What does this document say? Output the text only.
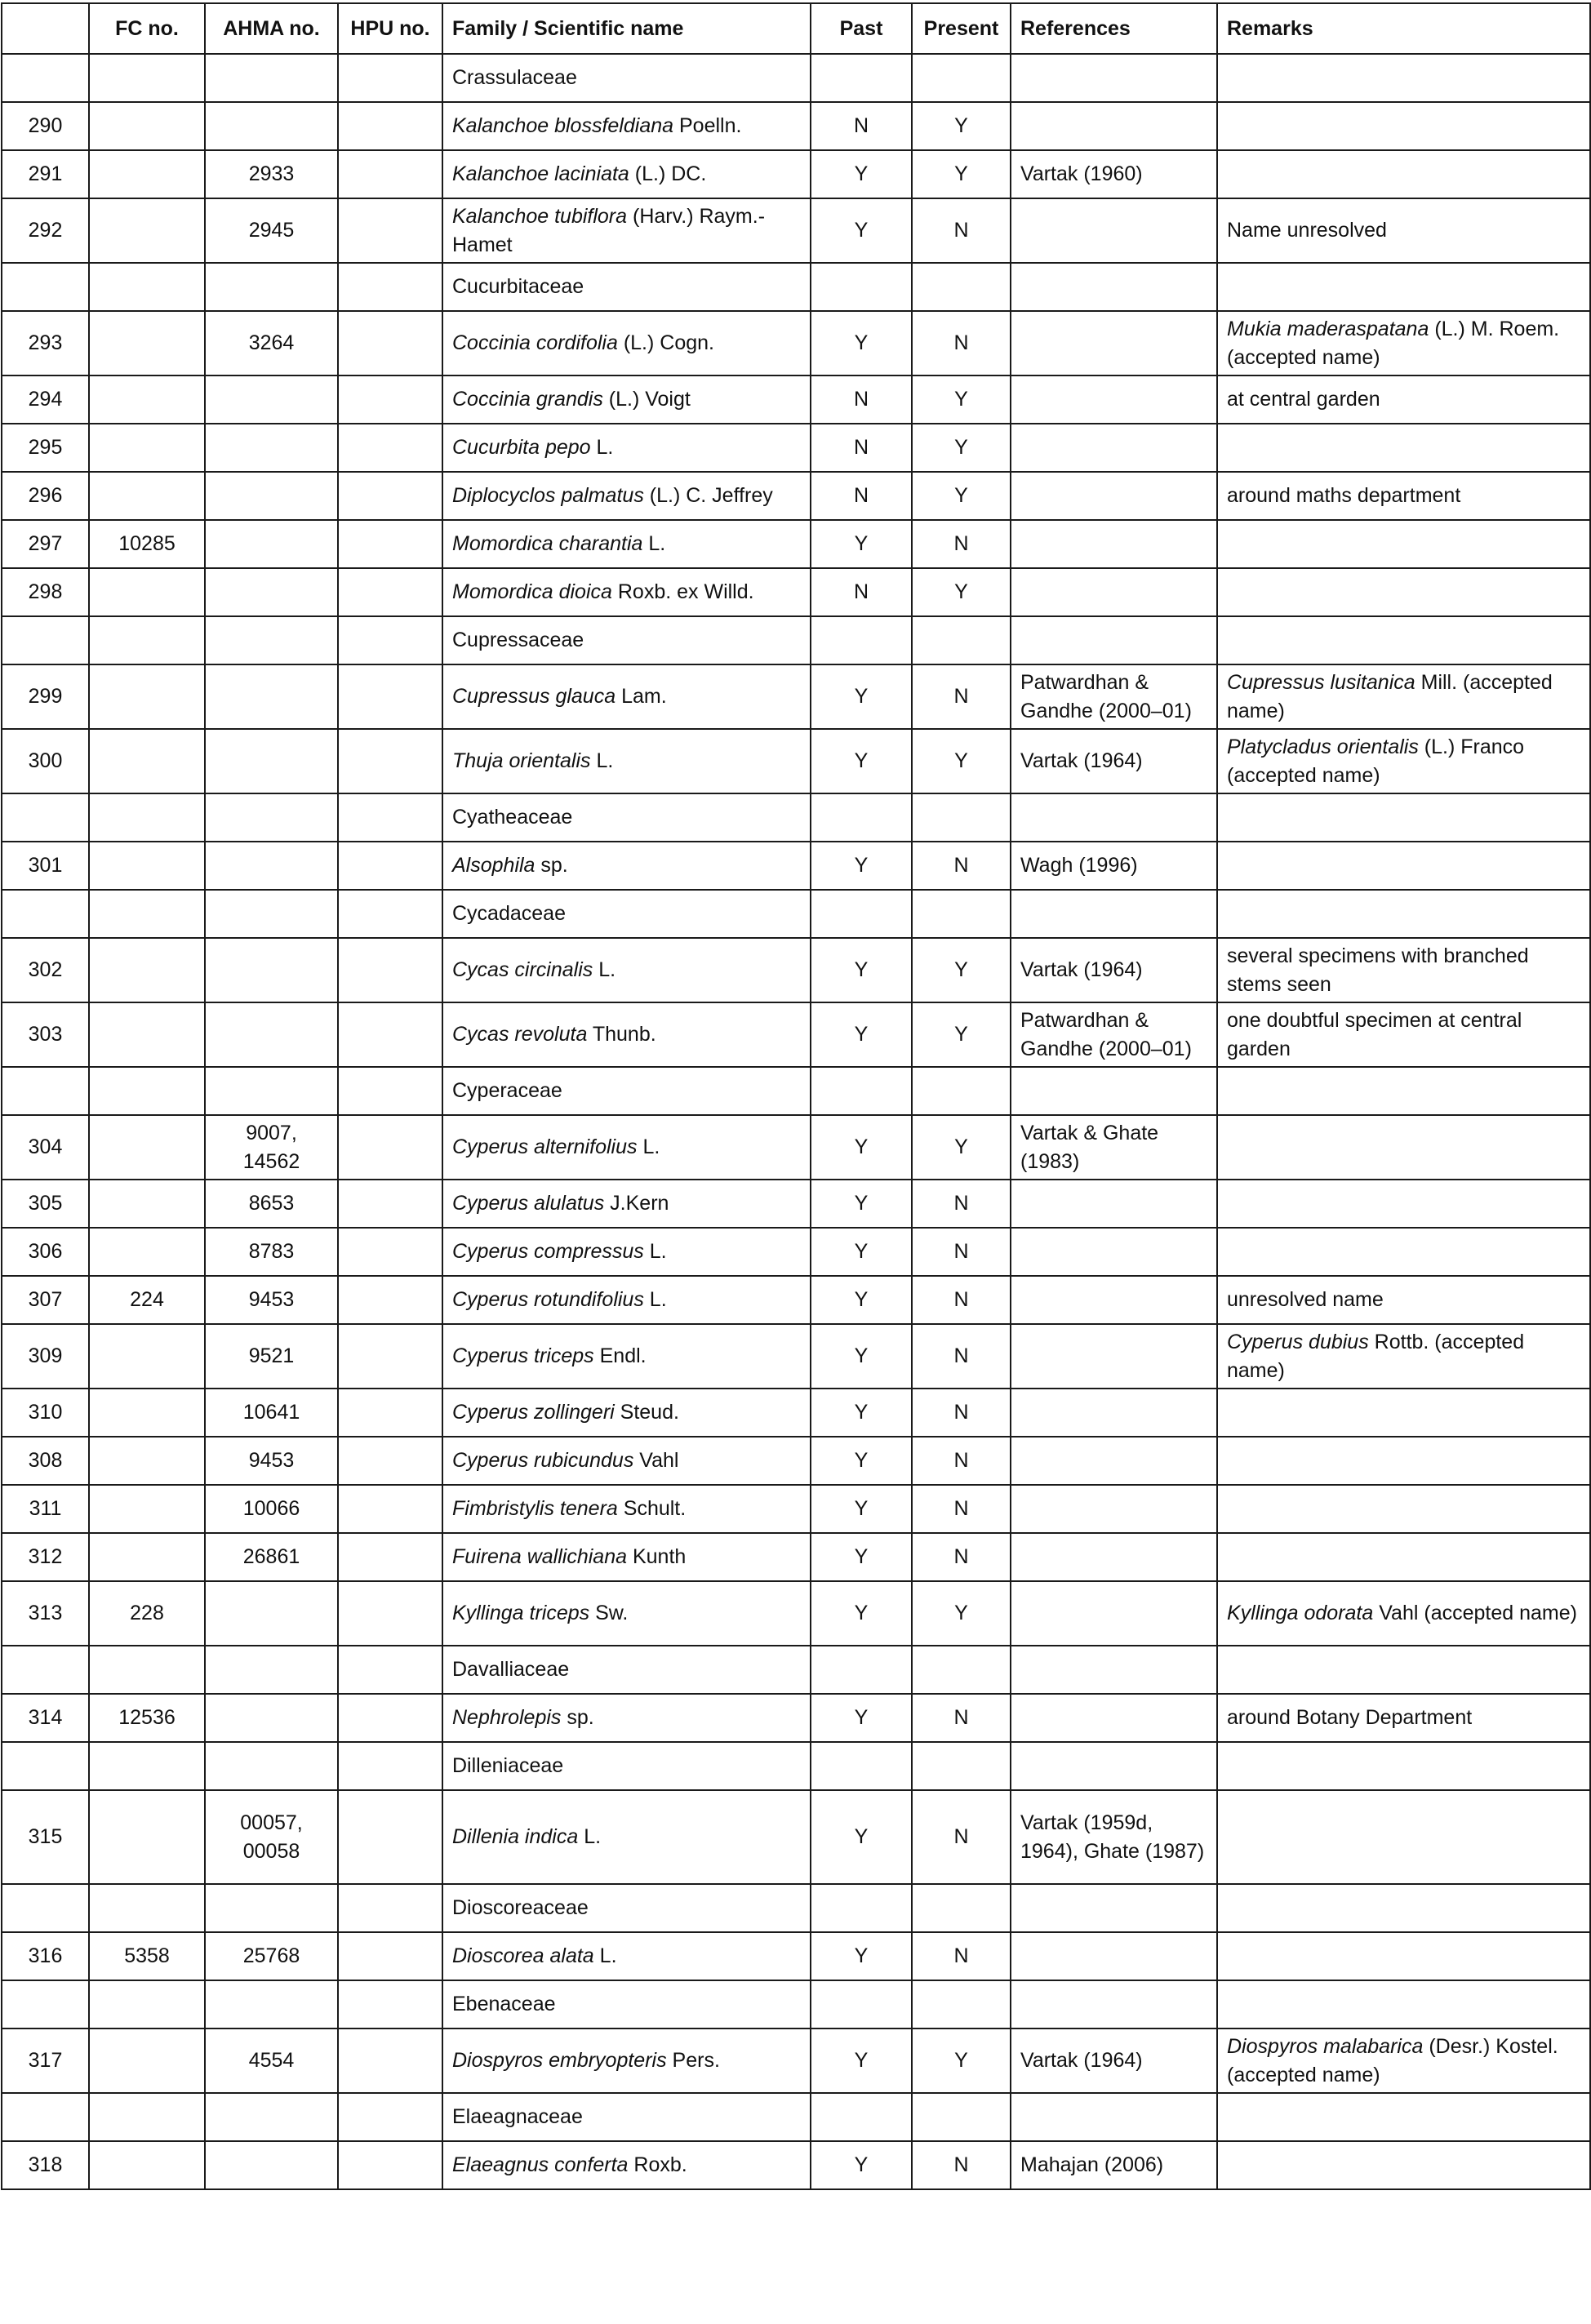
	FC no.	AHMA no.	HPU no.	Family / Scientific name	Past	Present	References	Remarks
				Crassulaceae				
290				Kalanchoe blossfeldiana Poelln.	N	Y		
291		2933		Kalanchoe laciniata (L.) DC.	Y	Y	Vartak (1960)	
292		2945		Kalanchoe tubiflora (Harv.) Raym.-Hamet	Y	N		Name unresolved
				Cucurbitaceae				
293		3264		Coccinia cordifolia (L.) Cogn.	Y	N		Mukia maderaspatana (L.) M. Roem. (accepted name)
294				Coccinia grandis (L.) Voigt	N	Y		at central garden
295				Cucurbita pepo L.	N	Y		
296				Diplocyclos palmatus (L.) C. Jeffrey	N	Y		around maths department
297	10285			Momordica charantia L.	Y	N		
298				Momordica dioica Roxb. ex Willd.	N	Y		
				Cupressaceae				
299				Cupressus glauca Lam.	Y	N	Patwardhan & Gandhe (2000–01)	Cupressus lusitanica Mill. (accepted name)
300				Thuja orientalis L.	Y	Y	Vartak (1964)	Platycladus orientalis (L.) Franco (accepted name)
				Cyatheaceae				
301				Alsophila sp.	Y	N	Wagh (1996)	
				Cycadaceae				
302				Cycas circinalis L.	Y	Y	Vartak (1964)	several specimens with branched stems seen
303				Cycas revoluta Thunb.	Y	Y	Patwardhan & Gandhe (2000–01)	one doubtful specimen at central garden
				Cyperaceae				
304		9007, 14562		Cyperus alternifolius L.	Y	Y	Vartak & Ghate (1983)	
305		8653		Cyperus alulatus J.Kern	Y	N		
306		8783		Cyperus compressus L.	Y	N		
307	224	9453		Cyperus rotundifolius L.	Y	N		unresolved name
309		9521		Cyperus triceps Endl.	Y	N		Cyperus dubius Rottb. (accepted name)
310		10641		Cyperus zollingeri Steud.	Y	N		
308		9453		Cyperus rubicundus Vahl	Y	N		
311		10066		Fimbristylis tenera Schult.	Y	N		
312		26861		Fuirena wallichiana Kunth	Y	N		
313	228			Kyllinga triceps Sw.	Y	Y		Kyllinga odorata Vahl (accepted name)
				Davalliaceae				
314	12536			Nephrolepis sp.	Y	N		around Botany Department
				Dilleniaceae				
315		00057, 00058		Dillenia indica L.	Y	N	Vartak (1959d, 1964), Ghate (1987)	
				Dioscoreaceae				
316	5358	25768		Dioscorea alata L.	Y	N		
				Ebenaceae				
317		4554		Diospyros embryopteris Pers.	Y	Y	Vartak (1964)	Diospyros malabarica (Desr.) Kostel. (accepted name)
				Elaeagnaceae				
318				Elaeagnus conferta Roxb.	Y	N	Mahajan (2006)	
